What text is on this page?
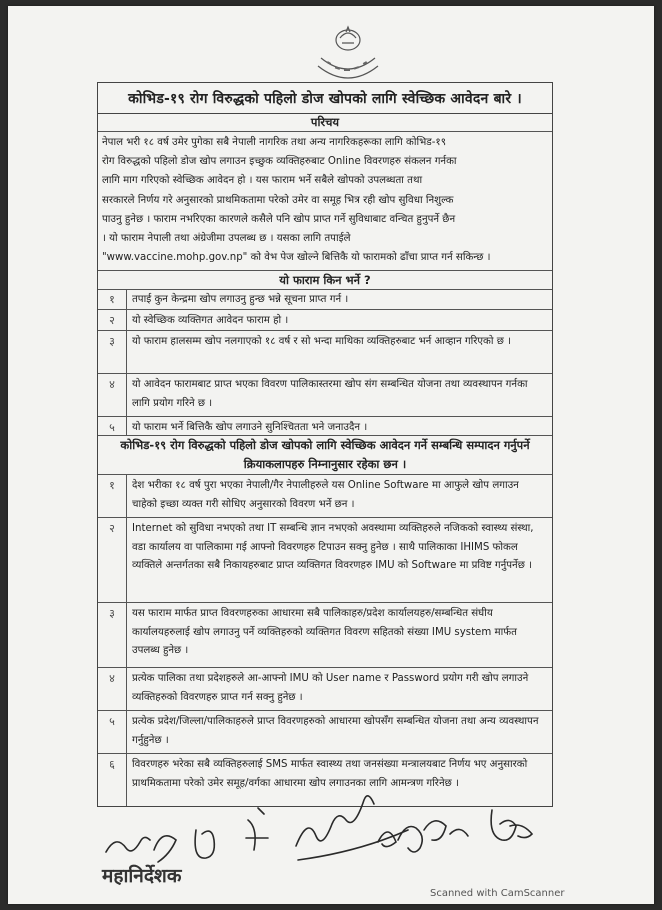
कोभिड-१९ रोग विरुद्धको पहिलो डोज खोपको लागि स्वेच्छिक आवेदन बारे ।
परिचय

नेपाल भरी १८ वर्ष उमेर पुगेका सबै नेपाली नागरिक तथा अन्य नागरिकहरूका लागि कोभिड-१९

रोग विरुद्धको पहिलो डोज खोप लगाउन इच्छुक व्यक्तिहरुबाट Online विवरणहरु संकलन गर्नका

लागि माग गरिएको स्वेच्छिक आवेदन हो । यस फाराम भर्ने सबैले खोपको उपलब्धता तथा

सरकारले निर्णय गरे अनुसारको प्राथमिकतामा परेको उमेर वा समूह भित्र रही खोप सुविधा निशुल्क

पाउनु हुनेछ । फाराम नभरिएका कारणले कसैले पनि खोप प्राप्त गर्ने सुविधाबाट वन्चित हुनुपर्ने छैन

। यो फाराम नेपाली तथा अंग्रेजीमा उपलब्ध छ । यसका लागि तपाईले

"www.vaccine.mohp.gov.np" को वेभ पेज खोल्ने बित्तिकै यो फारामको ढाँचा प्राप्त गर्न सकिन्छ ।

यो फाराम किन भर्ने ?
१	तपाई कुन केन्द्रमा खोप लगाउनु हुन्छ भन्ने सूचना प्राप्त गर्न ।
२	यो स्वेच्छिक व्यक्तिगत आवेदन फाराम हो ।
३	यो फाराम हालसम्म खोप नलगाएको १८ वर्ष र सो भन्दा माथिका व्यक्तिहरुबाट भर्न आव्हान गरिएको छ ।
४	यो आवेदन फारामबाट प्राप्त भएका विवरण पालिकास्तरमा खोप संग सम्बन्धित योजना तथा व्यवस्थापन गर्नका लागि प्रयोग गरिने छ ।
५	यो फाराम भर्ने बित्तिकै खोप लगाउने सुनिश्चितता भने जनाउदैन ।
कोभिड-१९ रोग विरुद्धको पहिलो डोज खोपको लागि स्वेच्छिक आवेदन गर्ने सम्बन्धि सम्पादन गर्नुपर्ने क्रियाकलापहरु निम्नानुसार रहेका छन ।
१	देश भरीका १८ वर्ष पुरा भएका नेपाली/गैर नेपालीहरुले यस Online Software मा आफुले खोप लगाउन चाहेको इच्छा व्यक्त गरी सोधिए अनुसारको विवरण भर्ने छन ।
२	Internet को सुविधा नभएको तथा IT सम्बन्धि ज्ञान नभएको अवस्थामा व्यक्तिहरुले नजिकको स्वास्थ्य संस्था, वडा कार्यालय वा पालिकामा गई आफ्नो विवरणहरु टिपाउन सक्नु हुनेछ । साथै पालिकाका IHIMS फोकल व्यक्तिले अन्तर्गतका सबै निकायहरुबाट प्राप्त व्यक्तिगत विवरणहरु IMU को Software मा प्रविष्ट गर्नुपर्नेछ ।
३	यस फाराम मार्फत प्राप्त विवरणहरुका आधारमा सबै पालिकाहरु/प्रदेश कार्यालयहरु/सम्बन्धित संघीय कार्यालयहरुलाई खोप लगाउनु पर्ने व्यक्तिहरुको व्यक्तिगत विवरण सहितको संख्या IMU system मार्फत उपलब्ध हुनेछ ।
४	प्रत्येक पालिका तथा प्रदेशहरुले आ-आफ्नो IMU को User name र Password प्रयोग गरी खोप लगाउने व्यक्तिहरुको विवरणहरु प्राप्त गर्न सक्नु हुनेछ ।
५	प्रत्येक प्रदेश/जिल्ला/पालिकाहरुले प्राप्त विवरणहरुको आधारमा खोपसँग सम्बन्धित योजना तथा अन्य व्यवस्थापन गर्नुहुनेछ ।
६	विवरणहरु भरेका सबै व्यक्तिहरुलाई SMS मार्फत स्वास्थ्य तथा जनसंख्या मन्त्रालयबाट निर्णय भए अनुसारको प्राथमिकतामा परेको उमेर समूह/वर्गका आधारमा खोप लगाउनका लागि आमन्त्रण गरिनेछ ।
महानिर्देशक
Scanned with CamScanner
